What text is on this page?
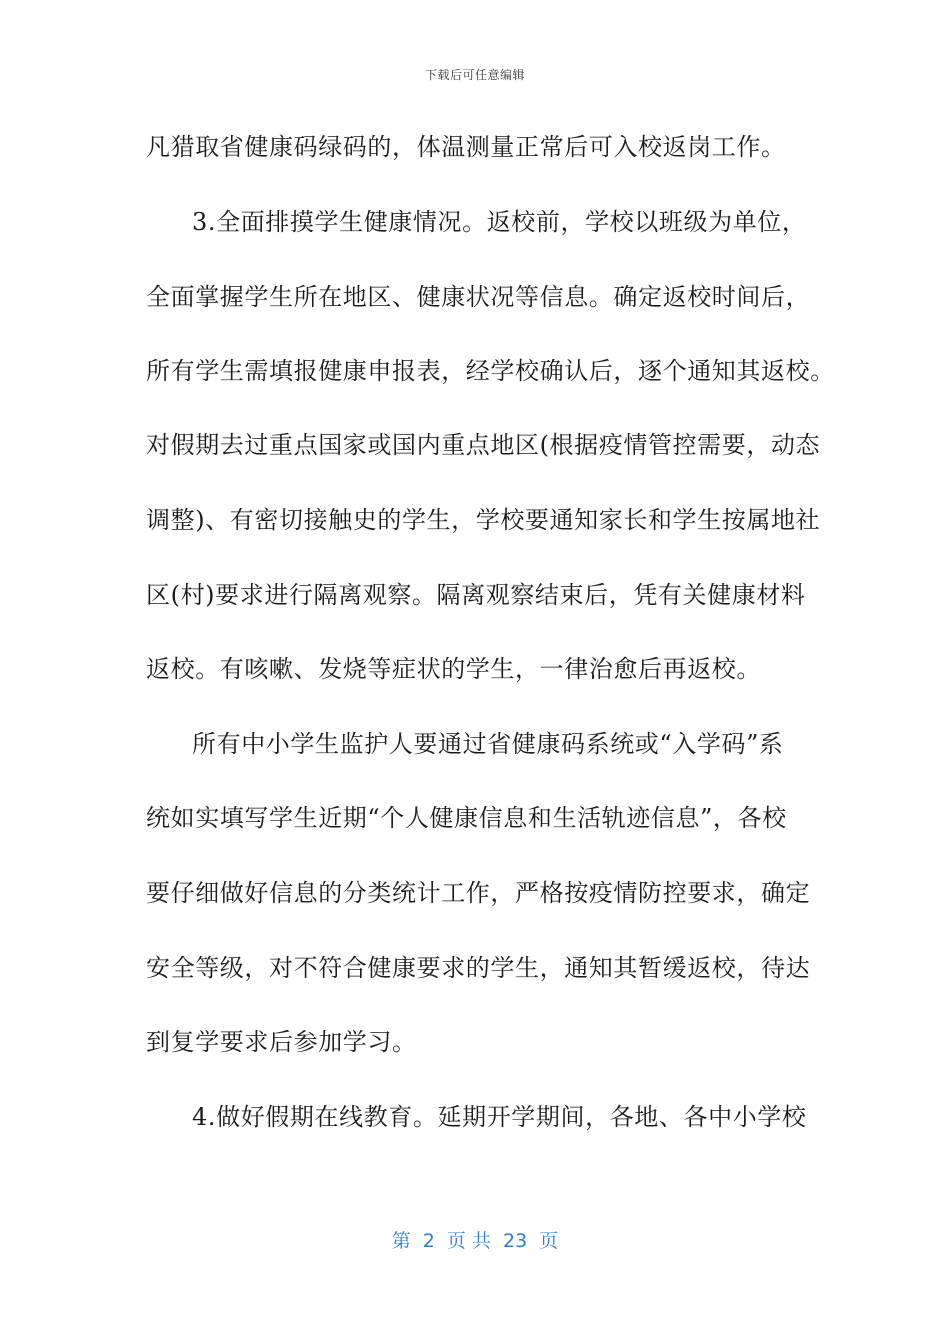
下载后可任意编辑
凡猎取省健康码绿码的，体温测量正常后可入校返岗工作。
3.全面排摸学生健康情况。返校前，学校以班级为单位，
全面掌握学生所在地区、健康状况等信息。确定返校时间后，
所有学生需填报健康申报表，经学校确认后，逐个通知其返校。
对假期去过重点国家或国内重点地区(根据疫情管控需要，动态
调整)、有密切接触史的学生，学校要通知家长和学生按属地社
区(村)要求进行隔离观察。隔离观察结束后，凭有关健康材料
返校。有咳嗽、发烧等症状的学生，一律治愈后再返校。
所有中小学生监护人要通过省健康码系统或“入学码”系
统如实填写学生近期“个人健康信息和生活轨迹信息”，各校
要仔细做好信息的分类统计工作，严格按疫情防控要求，确定
安全等级，对不符合健康要求的学生，通知其暂缓返校，待达
到复学要求后参加学习。
4.做好假期在线教育。延期开学期间，各地、各中小学校
第  2  页 共  23  页
